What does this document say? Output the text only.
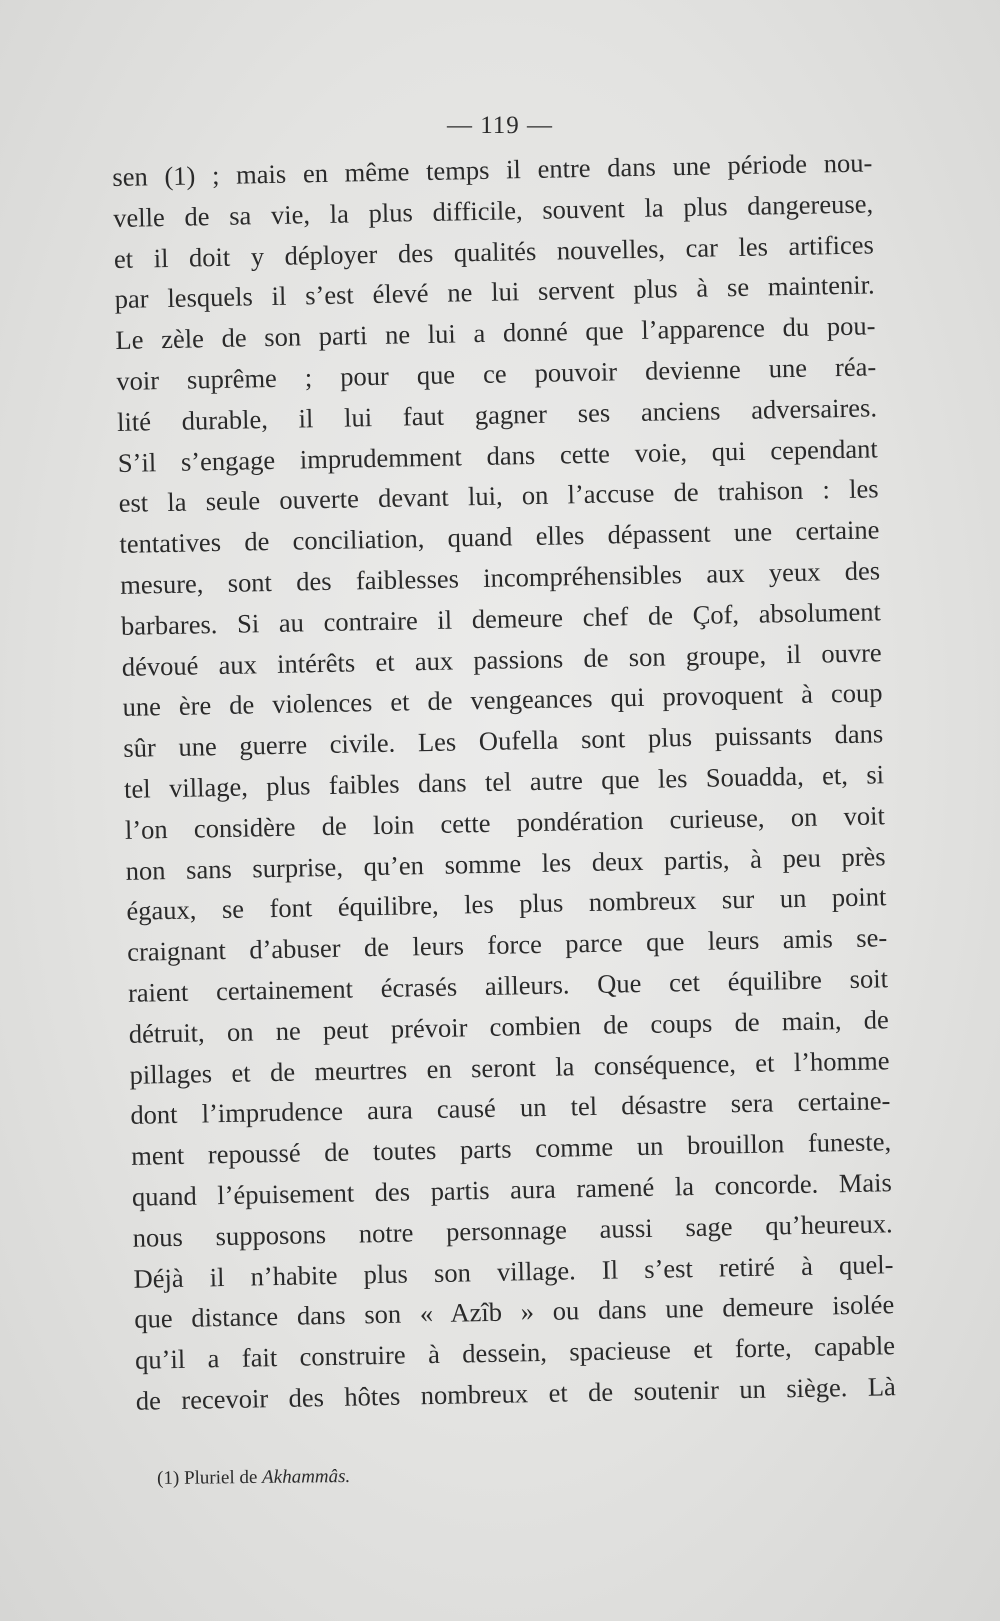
— 119 —
sen (1) ; mais en même temps il entre dans une période nou-
velle de sa vie, la plus difficile, souvent la plus dangereuse,
et il doit y déployer des qualités nouvelles, car les artifices
par lesquels il s’est élevé ne lui servent plus à se maintenir.
Le zèle de son parti ne lui a donné que l’apparence du pou-
voir suprême ; pour que ce pouvoir devienne une réa-
lité durable, il lui faut gagner ses anciens adversaires.
S’il s’engage imprudemment dans cette voie, qui cependant
est la seule ouverte devant lui, on l’accuse de trahison : les
tentatives de conciliation, quand elles dépassent une certaine
mesure, sont des faiblesses incompréhensibles aux yeux des
barbares. Si au contraire il demeure chef de Çof, absolument
dévoué aux intérêts et aux passions de son groupe, il ouvre
une ère de violences et de vengeances qui provoquent à coup
sûr une guerre civile. Les Oufella sont plus puissants dans
tel village, plus faibles dans tel autre que les Souadda, et, si
l’on considère de loin cette pondération curieuse, on voit
non sans surprise, qu’en somme les deux partis, à peu près
égaux, se font équilibre, les plus nombreux sur un point
craignant d’abuser de leurs force parce que leurs amis se-
raient certainement écrasés ailleurs. Que cet équilibre soit
détruit, on ne peut prévoir combien de coups de main, de
pillages et de meurtres en seront la conséquence, et l’homme
dont l’imprudence aura causé un tel désastre sera certaine-
ment repoussé de toutes parts comme un brouillon funeste,
quand l’épuisement des partis aura ramené la concorde. Mais
nous supposons notre personnage aussi sage qu’heureux.
Déjà il n’habite plus son village. Il s’est retiré à quel-
que distance dans son « Azîb » ou dans une demeure isolée
qu’il a fait construire à dessein, spacieuse et forte, capable
de recevoir des hôtes nombreux et de soutenir un siège. Là
(1) Pluriel de Akhammâs.
